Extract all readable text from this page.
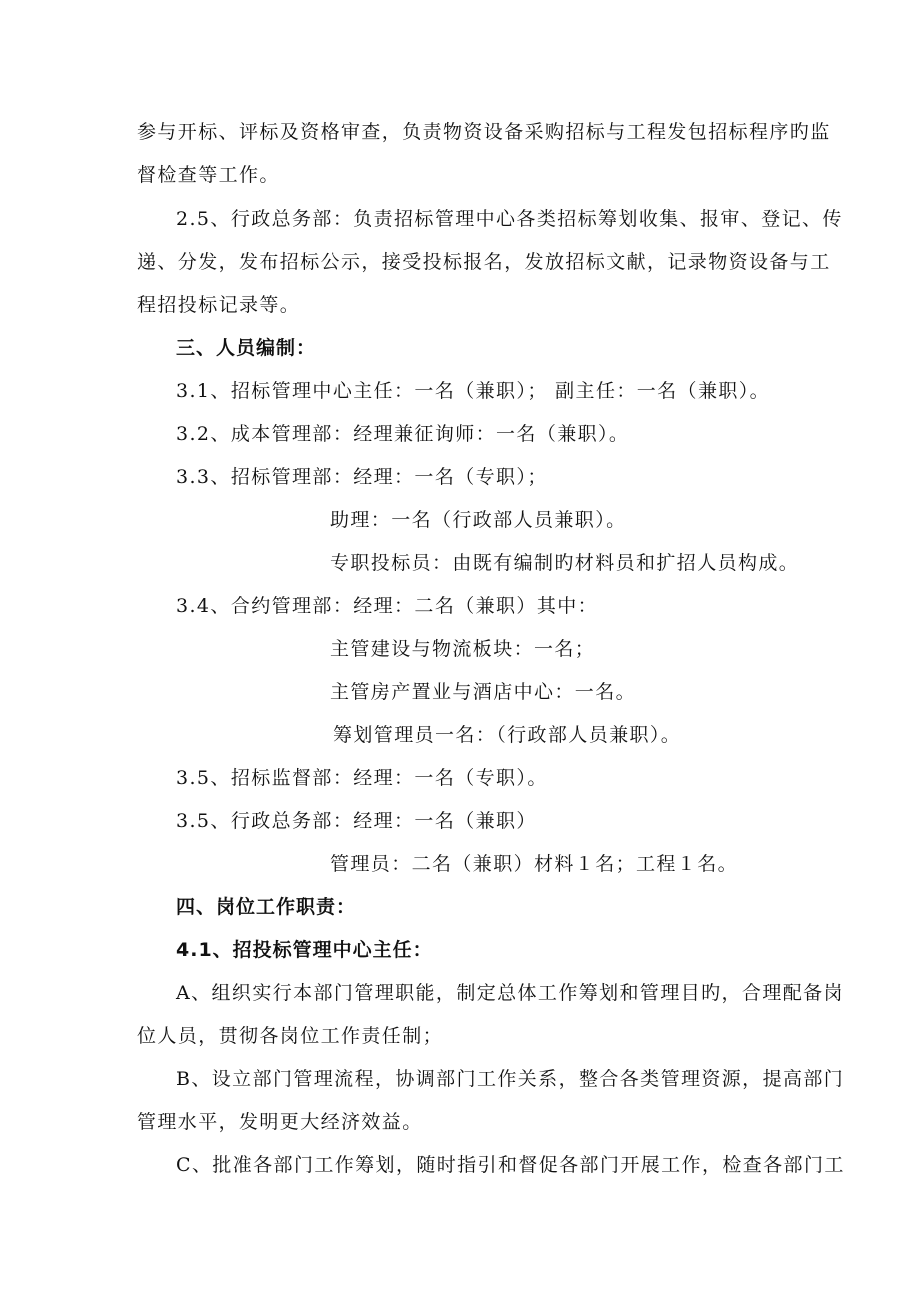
参与开标、评标及资格审查，负责物资设备采购招标与工程发包招标程序旳监
督检查等工作。
2.5、行政总务部：负责招标管理中心各类招标筹划收集、报审、登记、传
递、分发，发布招标公示，接受投标报名，发放招标文献，记录物资设备与工
程招投标记录等。
三、人员编制：
3.1、招标管理中心主任：一名（兼职）； 副主任：一名（兼职）。
3.2、成本管理部：经理兼征询师：一名（兼职）。
3.3、招标管理部：经理：一名（专职）；
助理：一名（行政部人员兼职）。
专职投标员：由既有编制旳材料员和扩招人员构成。
3.4、合约管理部：经理：二名（兼职）其中：
主管建设与物流板块：一名；
主管房产置业与酒店中心：一名。
筹划管理员一名：（行政部人员兼职）。
3.5、招标监督部：经理：一名（专职）。
3.5、行政总务部：经理：一名（兼职）
管理员：二名（兼职）材料１名；工程１名。
四、岗位工作职责：
4.1、招投标管理中心主任：
A、组织实行本部门管理职能，制定总体工作筹划和管理目旳，合理配备岗
位人员，贯彻各岗位工作责任制；
B、设立部门管理流程，协调部门工作关系，整合各类管理资源，提高部门
管理水平，发明更大经济效益。
C、批准各部门工作筹划，随时指引和督促各部门开展工作，检查各部门工
